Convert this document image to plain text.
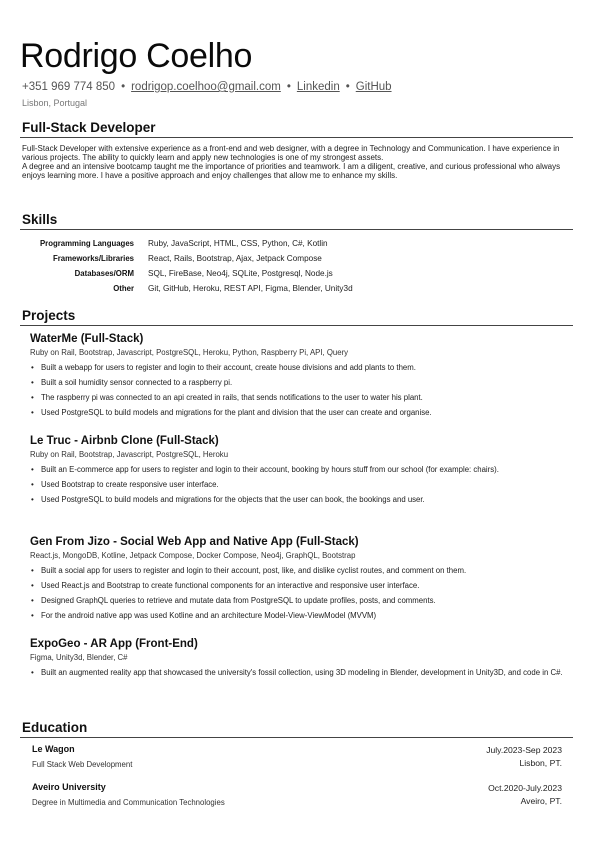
Rodrigo Coelho
+351 969 774 850 • rodrigop.coelhoo@gmail.com • Linkedin • GitHub
Lisbon, Portugal
Full-Stack Developer

Full-Stack Developer with extensive experience as a front-end and web designer, with a degree in Technology and Communication. I have experience in various projects. The ability to quickly learn and apply new technologies is one of my strongest assets.

A degree and an intensive bootcamp taught me the importance of priorities and teamwork. I am a diligent, creative, and curious professional who always enjoys learning more. I have a positive approach and enjoy challenges that allow me to enhance my skills.

Skills
Programming Languages Ruby, JavaScript, HTML, CSS, Python, C#, Kotlin
Frameworks/Libraries React, Rails, Bootstrap, Ajax, Jetpack Compose
Databases/ORM SQL, FireBase, Neo4j, SQLite, Postgresql, Node.js
Other Git, GitHub, Heroku, REST API, Figma, Blender, Unity3d
Projects
WaterMe (Full-Stack)
Ruby on Rail, Bootstrap, Javascript, PostgreSQL, Heroku, Python, Raspberry Pi, API, Query
• Built a webapp for users to register and login to their account, create house divisions and add plants to them.
• Built a soil humidity sensor connected to a raspberry pi.
• The raspberry pi was connected to an api created in rails, that sends notifications to the user to water his plant.
• Used PostgreSQL to build models and migrations for the plant and division that the user can create and organise.
Le Truc - Airbnb Clone (Full-Stack)
Ruby on Rail, Bootstrap, Javascript, PostgreSQL, Heroku
• Built an E-commerce app for users to register and login to their account, booking by hours stuff from our school (for example: chairs).
• Used Bootstrap to create responsive user interface.
• Used PostgreSQL to build models and migrations for the objects that the user can book, the bookings and user.
Gen From Jizo - Social Web App and Native App (Full-Stack)
React.js, MongoDB, Kotline, Jetpack Compose, Docker Compose, Neo4j, GraphQL, Bootstrap
• Built a social app for users to register and login to their account, post, like, and dislike cyclist routes, and comment on them.
• Used React.js and Bootstrap to create functional components for an interactive and responsive user interface.
• Designed GraphQL queries to retrieve and mutate data from PostgreSQL to update profiles, posts, and comments.
• For the android native app was used Kotline and an architecture Model-View-ViewModel (MVVM)
ExpoGeo - AR App (Front-End)
Figma, Unity3d, Blender, C#
• Built an augmented reality app that showcased the university's fossil collection, using 3D modeling in Blender, development in Unity3D, and code in C#.
Education
Le Wagon
Full Stack Web Development
July.2023-Sep 2023
Lisbon, PT.
Aveiro University
Degree in Multimedia and Communication Technologies
Oct.2020-July.2023
Aveiro, PT.
